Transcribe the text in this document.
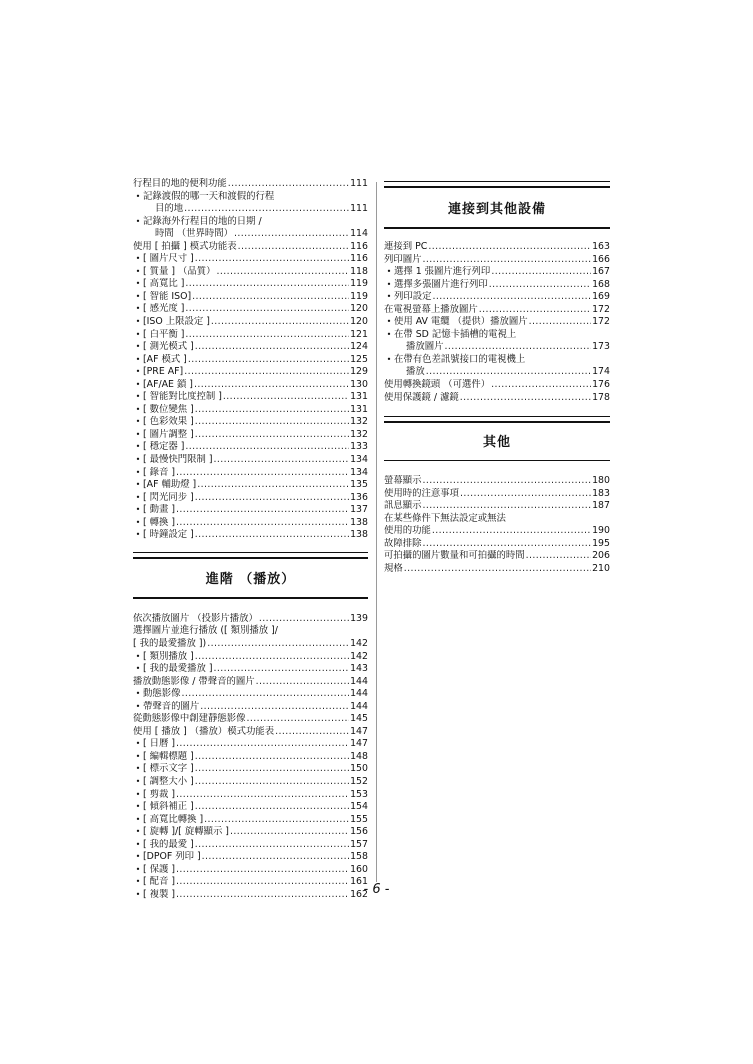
行程目的地的便利功能 .....	111
• 記錄渡假的哪一天和渡假的行程
目的地 .....	111
• 記錄海外行程目的地的日期 /
時間 （世界時間） .....	114
使用 [ 拍攝 ] 模式功能表 .....	116
• [ 圖片尺寸 ] .....	116
• [ 質量 ] （品質） .....	118
• [ 高寬比 ] .....	119
• [ 智能 ISO] .....	119
• [ 感光度 ] .....	120
• [ISO 上限設定 ] .....	120
• [ 白平衡 ] .....	121
• [ 測光模式 ] .....	124
• [AF 模式 ] .....	125
• [PRE AF] .....	129
• [AF/AE 鎖 ] .....	130
• [ 智能對比度控制 ] .....	131
• [ 數位變焦 ] .....	131
• [ 色彩效果 ] .....	132
• [ 圖片調整 ] .....	132
• [ 穩定器 ] .....	133
• [ 最慢快門限制 ] .....	134
• [ 錄音 ] .....	134
• [AF 輔助燈 ] .....	135
• [ 閃光同步 ] .....	136
• [ 動畫 ] .....	137
• [ 轉換 ] .....	138
• [ 時鐘設定 ] .....	138
進階 （播放）
依次播放圖片 （投影片播放） .....	139
選擇圖片並進行播放 ([ 類別播放 ]/
[ 我的最愛播放 ]) .....	142
• [ 類別播放 ] .....	142
• [ 我的最愛播放 ] .....	143
播放動態影像 / 帶聲音的圖片 .....	144
• 動態影像 .....	144
• 帶聲音的圖片 .....	144
從動態影像中創建靜態影像 .....	145
使用 [ 播放 ] （播放）模式功能表 .....	147
• [ 日曆 ] .....	147
• [ 編輯標題 ] .....	148
• [ 標示文字 ] .....	150
• [ 調整大小 ] .....	152
• [ 剪裁 ] .....	153
• [ 傾斜補正 ] .....	154
• [ 高寬比轉換 ] .....	155
• [ 旋轉 ]/[ 旋轉顯示 ] .....	156
• [ 我的最愛 ] .....	157
• [DPOF 列印 ] .....	158
• [ 保護 ] .....	160
• [ 配音 ] .....	161
• [ 複製 ] .....	162
連接到其他設備
連接到 PC .....	163
列印圖片 .....	166
• 選擇 1 張圖片進行列印 .....	167
• 選擇多張圖片進行列印 .....	168
• 列印設定 .....	169
在電視螢幕上播放圖片 .....	172
• 使用 AV 電纜 （提供）播放圖片 .....	172
• 在帶 SD 記憶卡插槽的電視上
播放圖片 .....	173
• 在帶有色差訊號接口的電視機上
播放 .....	174
使用轉換鏡頭 （可選件） .....	176
使用保護鏡 / 濾鏡 .....	178
其他
螢幕顯示 .....	180
使用時的注意事項 .....	183
訊息顯示 .....	187
在某些條件下無法設定或無法
使用的功能 .....	190
故障排除 .....	195
可拍攝的圖片數量和可拍攝的時間 .....	206
規格 .....	210
- 6 -
